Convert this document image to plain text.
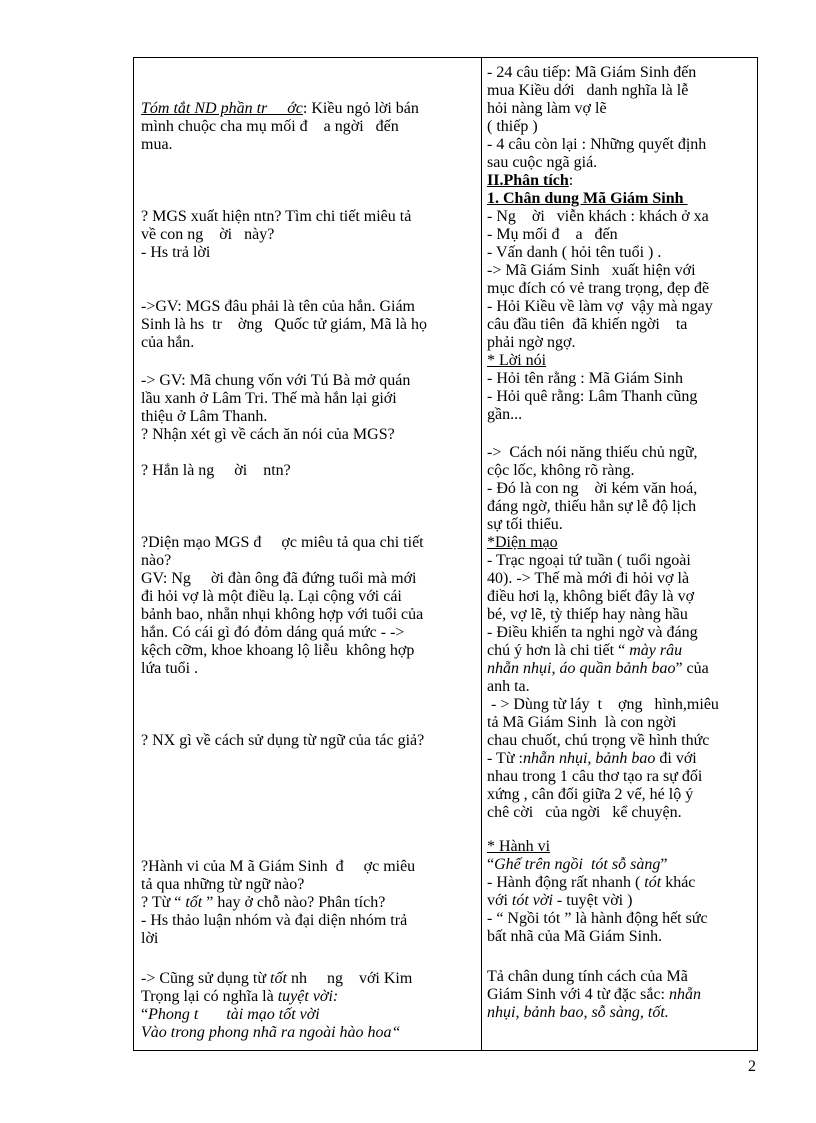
Tóm tắt ND phần tr     ớc: Kiều ngỏ lời bán
mình chuộc cha mụ mối đ    a ngời   đến
mua.
? MGS xuất hiện ntn? Tìm chi tiết miêu tả
về con ng    ời   này?
- Hs trả lời
->GV: MGS đâu phải là tên của hắn. Giám
Sinh là hs  tr    ờng   Quốc tử giám, Mã là họ
của hắn.
-> GV: Mã chung vốn với Tú Bà mở quán
lầu xanh ở Lâm Tri. Thế mà hắn lại giới
thiệu ở Lâm Thanh.
? Nhận xét gì về cách ăn nói của MGS?
? Hắn là ng     ời    ntn?
?Diện mạo MGS đ     ợc miêu tả qua chi tiết
nào?
GV: Ng     ời đàn ông đã đứng tuổi mà mới
đi hỏi vợ là một điều lạ. Lại cộng với cái
bảnh bao, nhẵn nhụi không hợp với tuổi của
hắn. Có cái gì đó đỏm dáng quá mức - ->
kệch cỡm, khoe khoang lộ liễu  không hợp
lứa tuổi .
? NX gì về cách sử dụng từ ngữ của tác giả?
?Hành vi của M ã Giám Sinh  đ     ợc miêu
tả qua những từ ngữ nào?
? Từ “ tốt ” hay ở chỗ nào? Phân tích?
- Hs thảo luận nhóm và đại diện nhóm trả
lời
-> Cũng sử dụng từ tốt nh     ng    với Kim
Trọng lại có nghĩa là tuyệt vời:
“Phong t       tài mạo tốt vời
Vào trong phong nhã ra ngoài hào hoa“
- 24 câu tiếp: Mã Giám Sinh đến
mua Kiều dới   danh nghĩa là lễ
hỏi nàng làm vợ lẽ
( thiếp )
- 4 câu còn lại : Những quyết định
sau cuộc ngã giá.
II.Phân tích:
1. Chân dung Mã Giám Sinh
- Ng    ời   viễn khách : khách ở xa
- Mụ mối đ    a   đến
- Vấn danh ( hỏi tên tuổi ) .
-> Mã Giám Sinh   xuất hiện với
mục đích có vẻ trang trọng, đẹp đẽ
- Hỏi Kiều về làm vợ  vậy mà ngay
câu đầu tiên  đã khiến ngời    ta
phải ngờ ngợ.
* Lời nói
- Hỏi tên rằng : Mã Giám Sinh
- Hỏi quê rằng: Lâm Thanh cũng
gần...
->  Cách nói năng thiếu chủ ngữ,
cộc lốc, không rõ ràng.
- Đó là con ng    ời kém văn hoá,
đáng ngờ, thiếu hẳn sự lễ độ lịch
sự tối thiểu.
*Diện mạo
- Trạc ngoại tứ tuần ( tuổi ngoài
40). -> Thế mà mới đi hỏi vợ là
điều hơi lạ, không biết đây là vợ
bé, vợ lẽ, tỳ thiếp hay nàng hầu
- Điều khiến ta nghi ngờ và đáng
chú ý hơn là chi tiết “ mày râu
nhẵn nhụi, áo quần bảnh bao” của
anh ta.
- > Dùng từ láy  t    ợng   hình,miêu
tả Mã Giám Sinh  là con ngời
chau chuốt, chú trọng về hình thức
- Từ :nhẵn nhụi, bảnh bao đi với
nhau trong 1 câu thơ tạo ra sự đối
xứng , cân đối giữa 2 vế, hé lộ ý
chê cời   của ngời   kể chuyện.
* Hành vi
“Ghế trên ngồi  tót sỗ sàng”
- Hành động rất nhanh ( tót khác
với tót vời - tuyệt vời )
- “ Ngồi tót ” là hành động hết sức
bất nhã của Mã Giám Sinh.
Tả chân dung tính cách của Mã
Giám Sinh với 4 từ đặc sắc: nhẵn
nhụi, bảnh bao, sỗ sàng, tốt.
2
